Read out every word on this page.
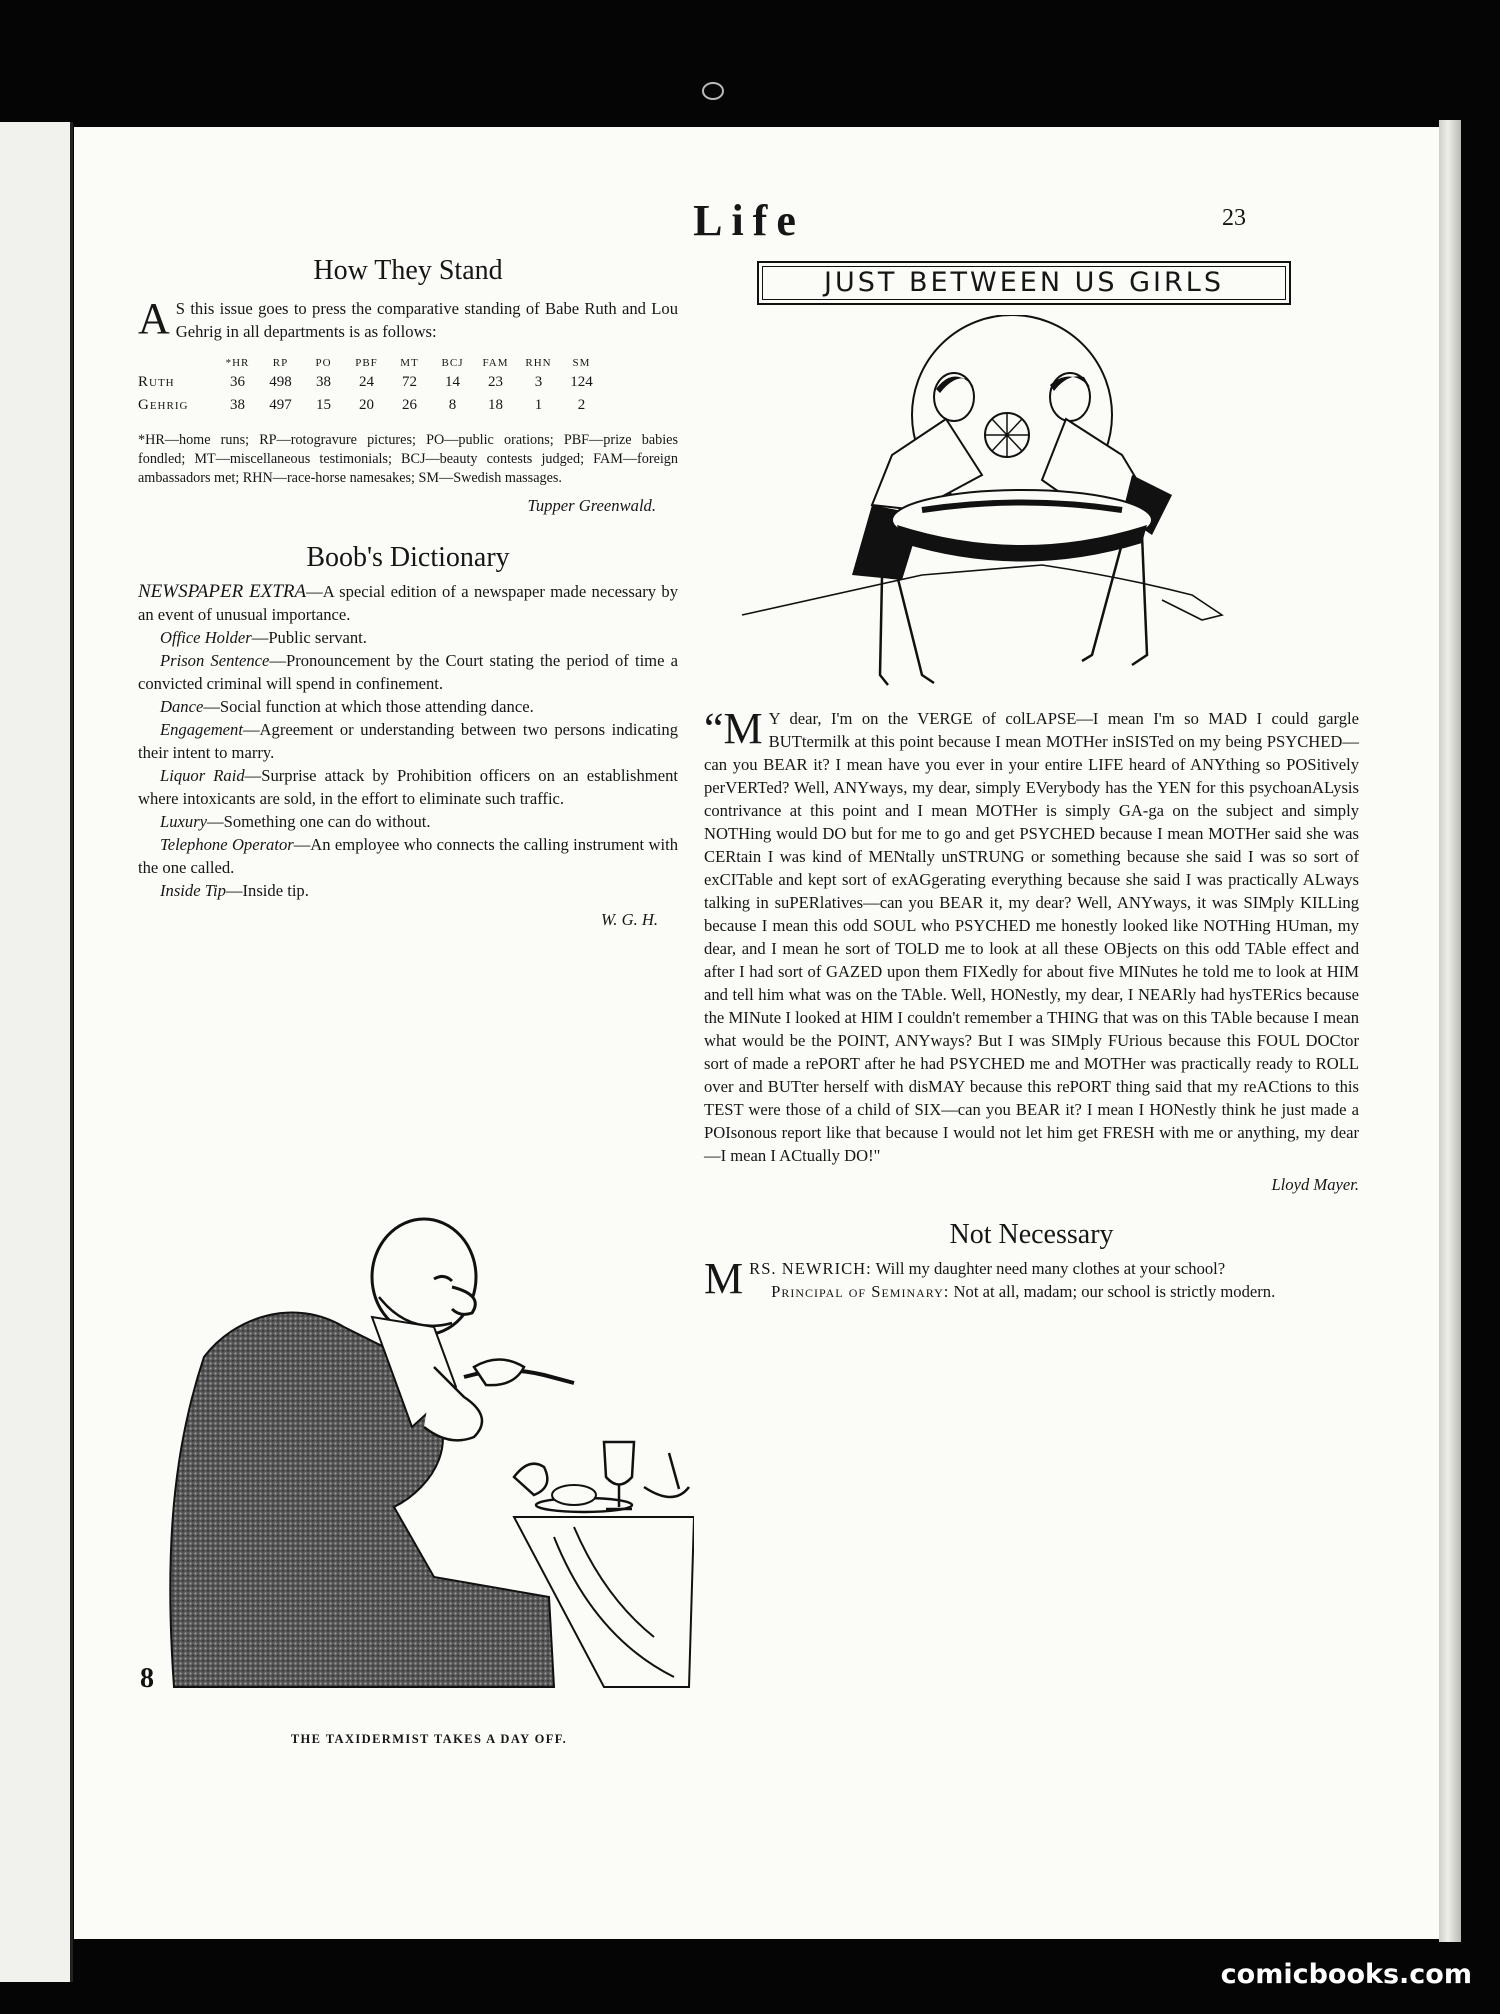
Life	23
How They Stand

A S this issue goes to press the comparative standing of Babe Ruth and Lou Gehrig in all departments is as follows:

	*HR	RP	PO	PBF	MT	BCJ	FAM	RHN	SM
Ruth	36	498	38	24	72	14	23	3	124
Gehrig	38	497	15	20	26	8	18	1	2

*HR—home runs; RP—rotogravure pictures; PO—public orations; PBF—prize babies fondled; MT—miscellaneous testimonials; BCJ—beauty contests judged; FAM—foreign ambassadors met; RHN—race-horse namesakes; SM—Swedish massages.

Tupper Greenwald.
Boob's Dictionary

NEWSPAPER EXTRA—A special edition of a newspaper made necessary by an event of unusual importance.

Office Holder—Public servant.

Prison Sentence—Pronouncement by the Court stating the period of time a convicted criminal will spend in confinement.

Dance—Social function at which those attending dance.

Engagement—Agreement or understanding between two persons indicating their intent to marry.

Liquor Raid—Surprise attack by Prohibition officers on an establishment where intoxicants are sold, in the effort to eliminate such traffic.

Luxury—Something one can do without.

Telephone Operator—An employee who connects the calling instrument with the one called.

Inside Tip—Inside tip.

W. G. H.
8
THE TAXIDERMIST TAKES A DAY OFF.
JUST BETWEEN US GIRLS

“M Y dear, I'm on the VERGE of colLAPSE—I mean I'm so MAD I could gargle BUTtermilk at this point because I mean MOTHer inSISTed on my being PSYCHED—can you BEAR it? I mean have you ever in your entire LIFE heard of ANYthing so POSitively perVERTed? Well, ANYways, my dear, simply EVerybody has the YEN for this psychoanALysis contrivance at this point and I mean MOTHer is simply GA-ga on the subject and simply NOTHing would DO but for me to go and get PSYCHED because I mean MOTHer said she was CERtain I was kind of MENtally unSTRUNG or something because she said I was so sort of exCITable and kept sort of exAGgerating everything because she said I was practically ALways talking in suPERlatives—can you BEAR it, my dear? Well, ANYways, it was SIMply KILLing because I mean this odd SOUL who PSYCHED me honestly looked like NOTHing HUman, my dear, and I mean he sort of TOLD me to look at all these OBjects on this odd TAble effect and after I had sort of GAZED upon them FIXedly for about five MINutes he told me to look at HIM and tell him what was on the TAble. Well, HONestly, my dear, I NEARly had hysTERics because the MINute I looked at HIM I couldn't remember a THING that was on this TAble because I mean what would be the POINT, ANYways? But I was SIMply FUrious because this FOUL DOCtor sort of made a rePORT after he had PSYCHED me and MOTHer was practically ready to ROLL over and BUTter herself with disMAY because this rePORT thing said that my reACtions to this TEST were those of a child of SIX—can you BEAR it? I mean I HONestly think he just made a POIsonous report like that because I would not let him get FRESH with me or anything, my dear—I mean I ACtually DO!"

Lloyd Mayer.
Not Necessary

MRS. NEWRICH: Will my daughter need many clothes at your school?

Principal of Seminary: Not at all, madam; our school is strictly modern.

comicbooks.com
